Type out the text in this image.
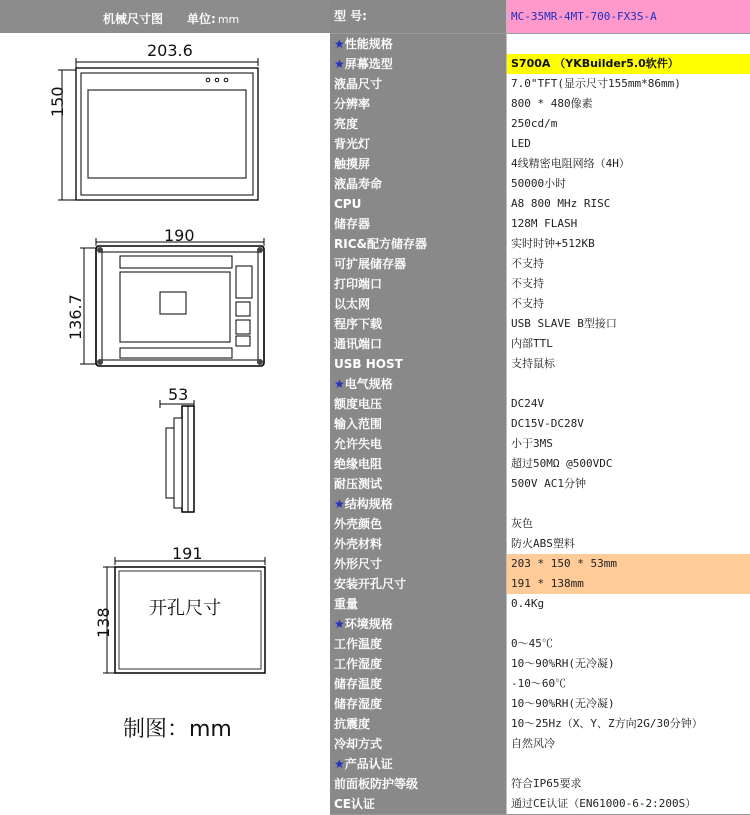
机械尺寸图 单位: mm
203.6
150
190
136.7
53
191
138 开孔尺寸
制图：mm
型 号:	MC-35MR-4MT-700-FX3S-A
★性能规格
★屏幕选型	S700A （YKBuilder5.0软件）
液晶尺寸	7.0"TFT(显示尺寸155mm*86mm)
分辨率	800 * 480像素
亮度	250cd/m
背光灯	LED
触摸屏	4线精密电阻网络（4H）
液晶寿命	50000小时
CPU	A8 800 MHz RISC
储存器	128M FLASH
RIC&配方储存器	实时时钟+512KB
可扩展储存器	不支持
打印端口	不支持
以太网	不支持
程序下载	USB SLAVE B型接口
通讯端口	内部TTL
USB HOST	支持鼠标
★电气规格
额度电压	DC24V
输入范围	DC15V-DC28V
允许失电	小于3MS
绝缘电阻	超过50MΩ @500VDC
耐压测试	500V AC1分钟
★结构规格
外壳颜色	灰色
外壳材料	防火ABS塑料
外形尺寸	203 * 150 * 53mm
安装开孔尺寸	191 * 138mm
重量	0.4Kg
★环境规格
工作温度	0～45℃
工作湿度	10～90%RH(无冷凝)
储存温度	-10～60℃
储存湿度	10～90%RH(无冷凝)
抗震度	10～25Hz（X、Y、Z方向2G/30分钟）
冷却方式	自然风冷
★产品认证
前面板防护等级	符合IP65要求
CE认证	通过CE认证（EN61000-6-2:200S）
